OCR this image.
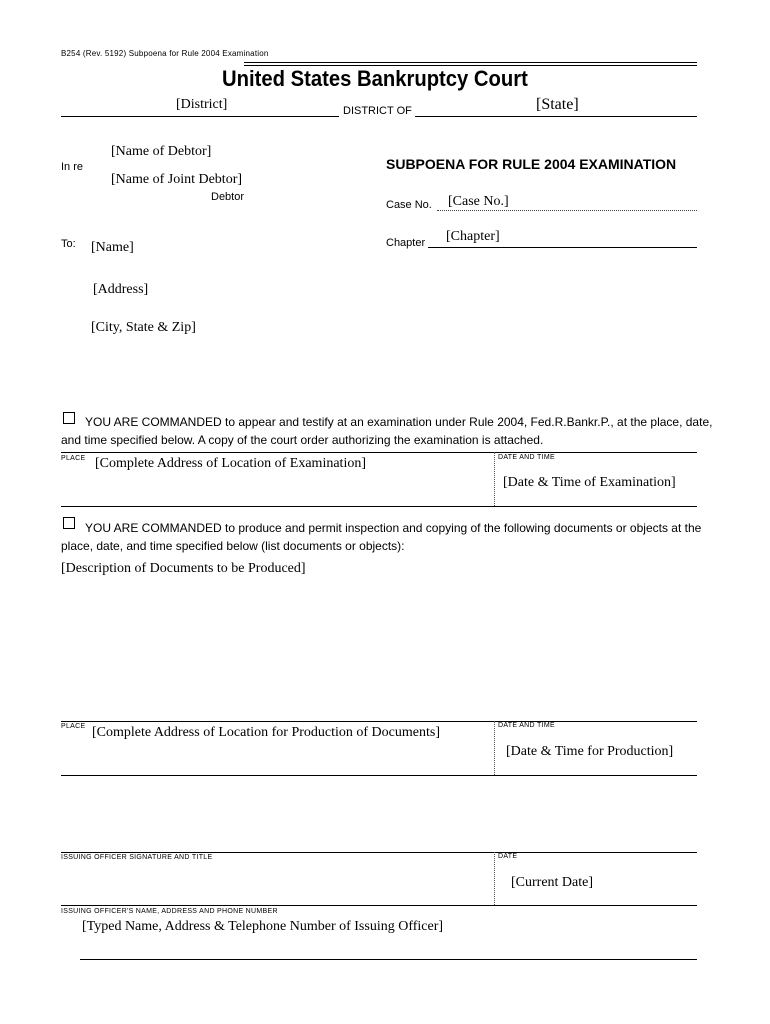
B254 (Rev. 5192) Subpoena for Rule 2004 Examination
United States Bankruptcy Court
[District]	DISTRICT OF	[State]
[Name of Debtor]
In re
[Name of Joint Debtor]
Debtor
SUBPOENA FOR RULE 2004 EXAMINATION
Case No. [Case No.]
Chapter [Chapter]
To: [Name]
[Address]
[City, State & Zip]
YOU ARE COMMANDED to appear and testify at an examination under Rule 2004, Fed.R.Bankr.P., at the place, date,
and time specified below. A copy of the court order authorizing the examination is attached.
PLACE [Complete Address of Location of Examination]	DATE AND TIME
[Date & Time of Examination]
YOU ARE COMMANDED to produce and permit inspection and copying of the following documents or objects at the
place, date, and time specified below (list documents or objects):
[Description of Documents to be Produced]
PLACE [Complete Address of Location for Production of Documents]	DATE AND TIME
[Date & Time for Production]
ISSUING OFFICER SIGNATURE AND TITLE	DATE
[Current Date]
ISSUING OFFICER'S NAME, ADDRESS AND PHONE NUMBER
[Typed Name, Address & Telephone Number of Issuing Officer]
